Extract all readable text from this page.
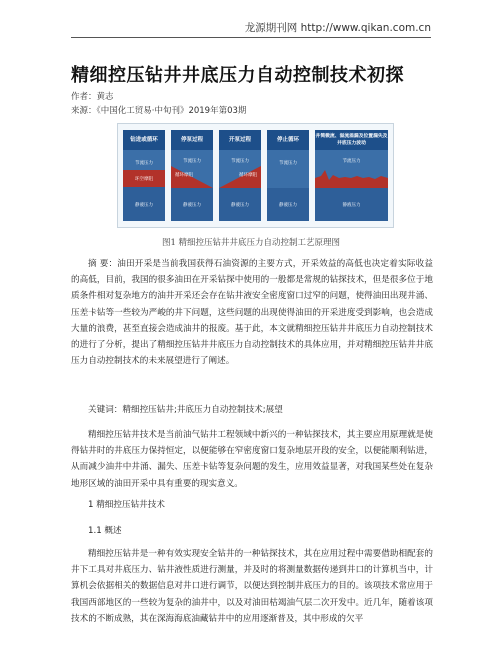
龙源期刊网 http://www.qikan.com.cn
精细控压钻井井底压力自动控制技术初探
作者：黄志
来源：《中国化工贸易·中旬刊》2019年第03期
钻进或循环
节流压力
环空摩阻
静液压力
停泵过程
节流压力
循环摩阻
静液压力
开泵过程
节流压力
循环摩阻
静液压力
停止循环
节流压力
静液压力
井筒微流、溢流溢漏及位置漏失及井底压力波动
节流压力
静液压力
图1 精细控压钻井井底压力自动控制工艺原理图
摘 要：油田开采是当前我国获得石油资源的主要方式，开采效益的高低也决定着实际收益的高低，目前，我国的很多油田在开采钻探中使用的一般都是常规的钻探技术，但是很多位于地质条件相对复杂地方的油井开采还会存在钻井液安全密度窗口过窄的问题，使得油田出现井涌、压差卡钻等一些较为严峻的井下问题，这些问题的出现使得油田的开采进度受到影响，也会造成大量的浪费，甚至直接会造成油井的报废。基于此，本文就精细控压钻井井底压力自动控制技术的进行了分析，提出了精细控压钻井井底压力自动控制技术的具体应用，并对精细控压钻井井底压力自动控制技术的未来展望进行了阐述。
关键词：精细控压钻井;井底压力自动控制技术;展望
精细控压钻井技术是当前油气钻井工程领域中新兴的一种钻探技术，其主要应用原理就是使得钻井时的井底压力保持恒定，以便能够在窄密度窗口复杂地层开段的安全，以便能顺利钻进，从而减少油井中井涌、漏失、压差卡钻等复杂问题的发生，应用效益显著，对我国某些处在复杂地形区域的油田开采中具有重要的现实意义。
1 精细控压钻井技术
1.1 概述
精细控压钻井是一种有效实现安全钻井的一种钻探技术，其在应用过程中需要借助相配套的井下工具对井底压力、钻井液性质进行测量，并及时的将测量数据传递到井口的计算机当中，计算机会依据相关的数据信息对井口进行调节，以便达到控制井底压力的目的。该项技术常应用于我国西部地区的一些较为复杂的油井中，以及对油田枯竭油气层二次开发中。近几年，随着该项技术的不断成熟，其在深海海底油藏钻井中的应用逐渐普及，其中形成的欠平
